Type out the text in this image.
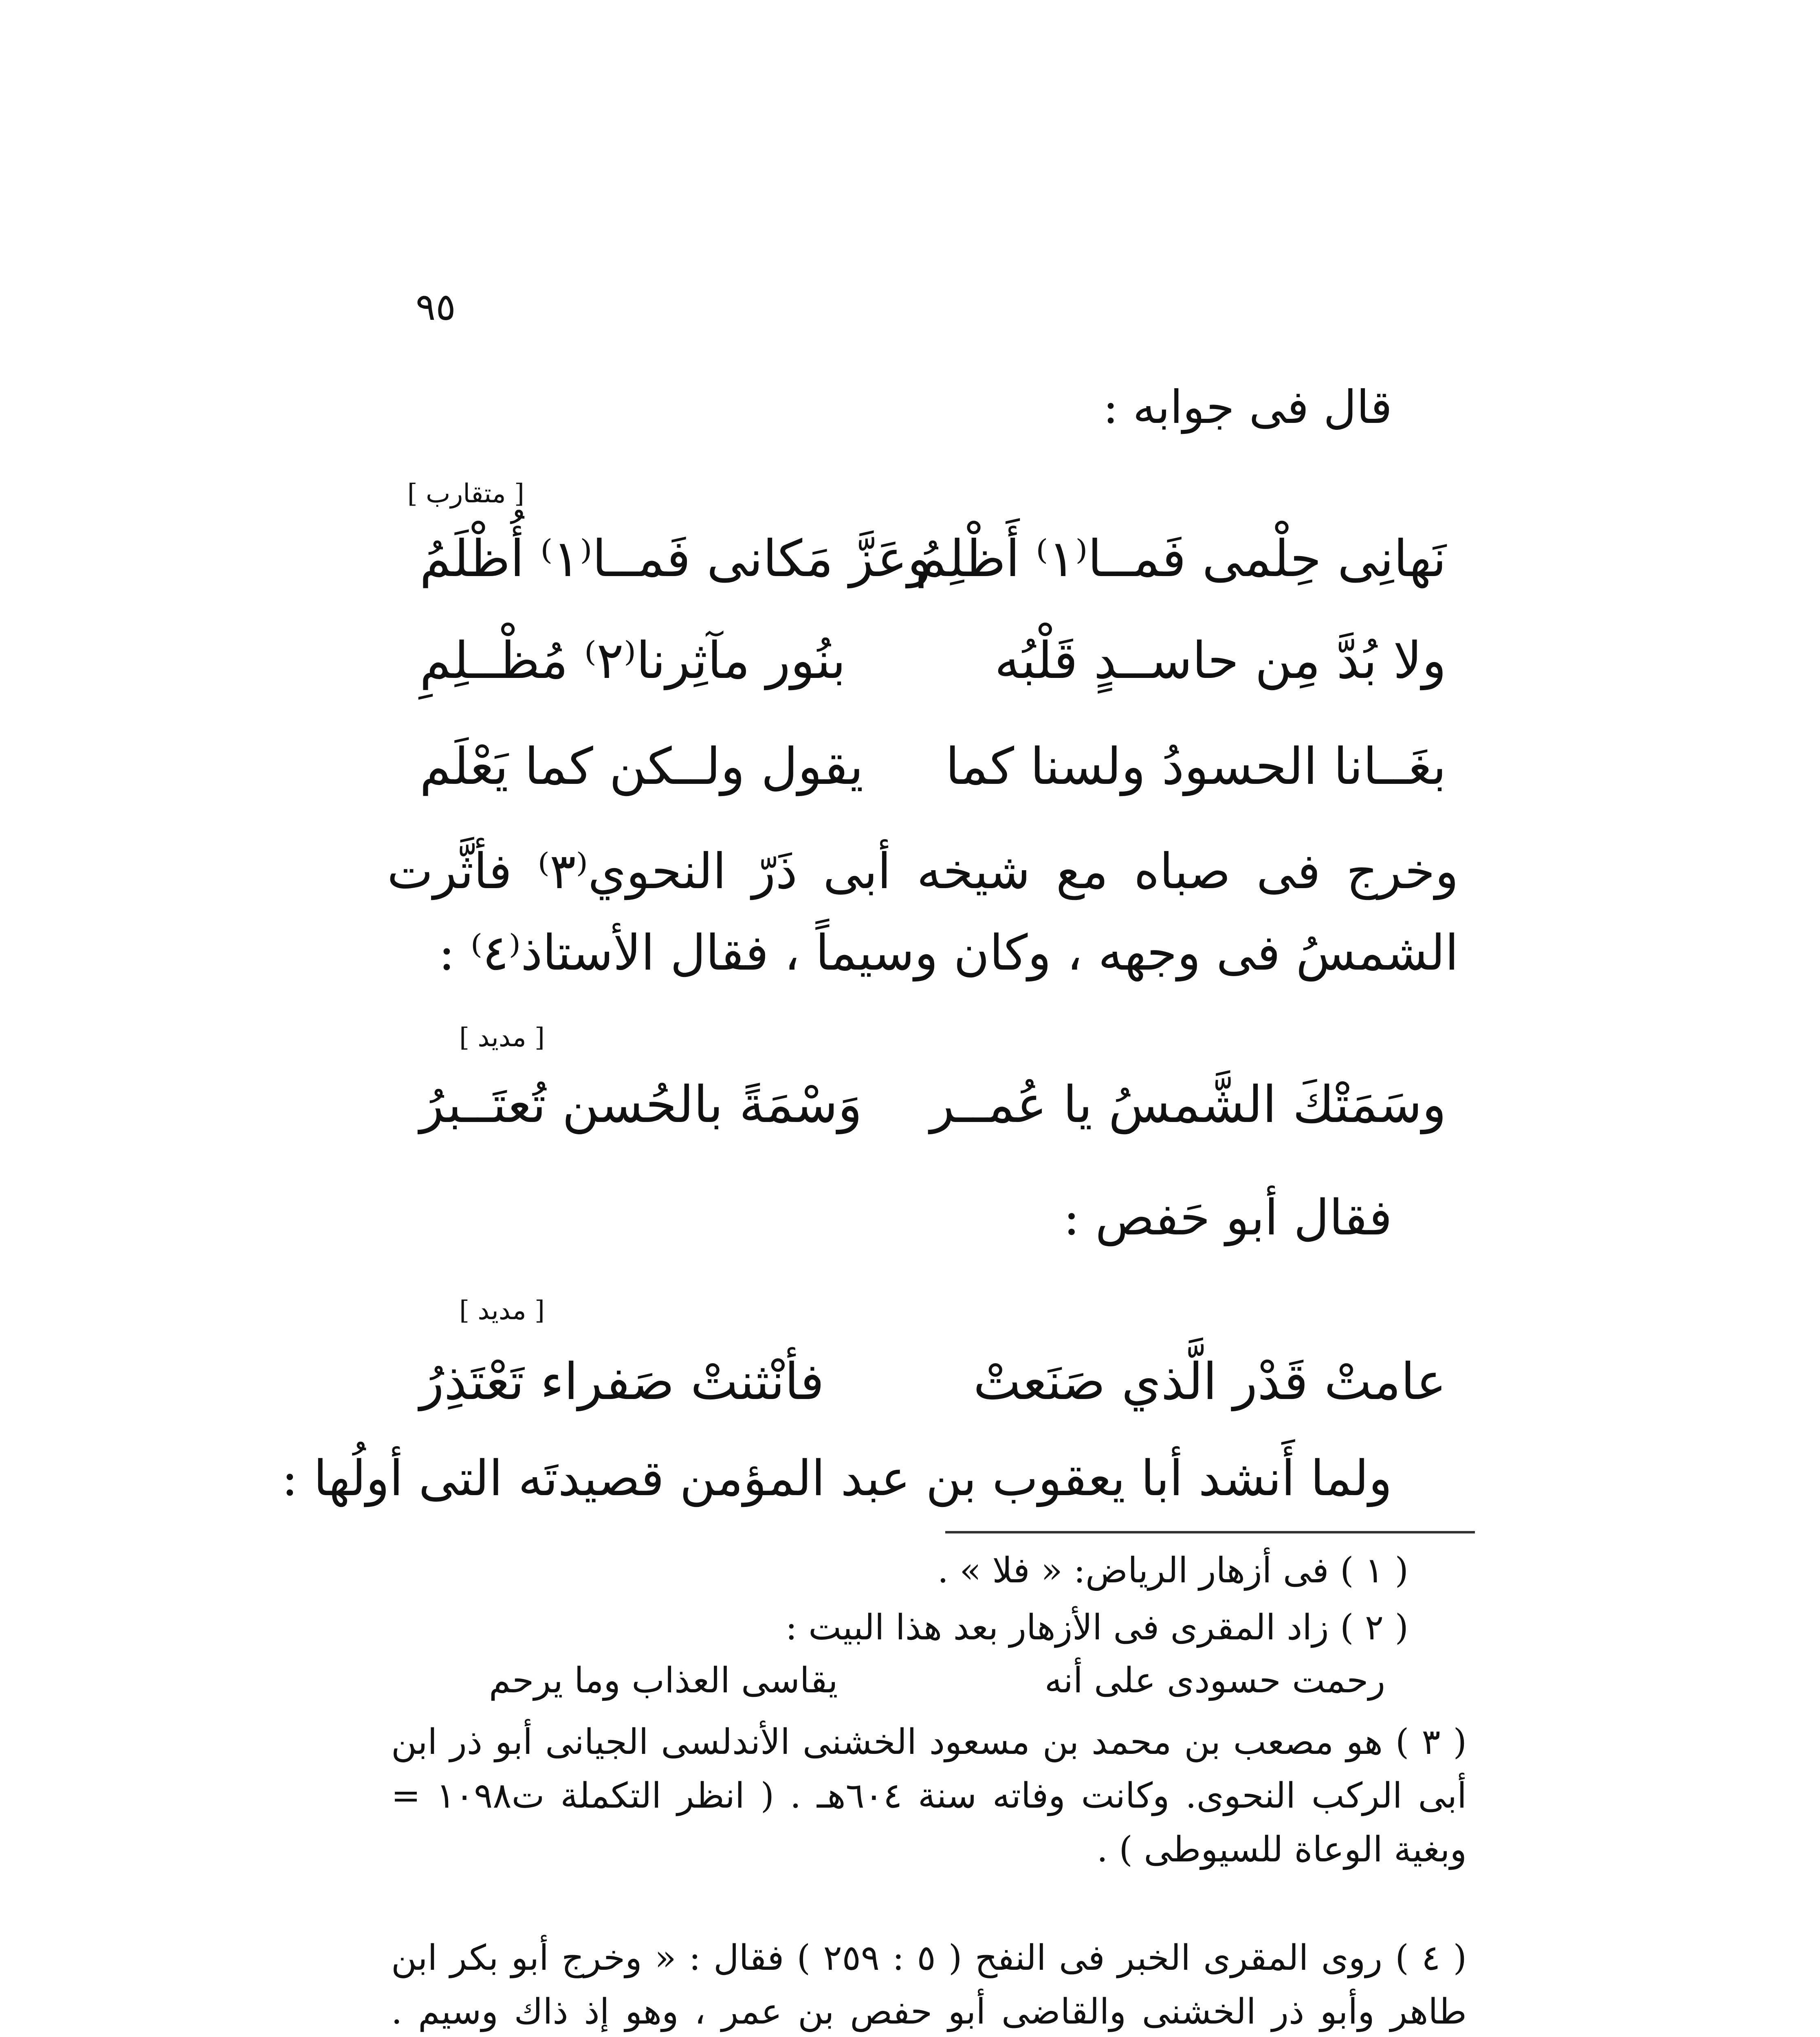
٩٥
قال فى جوابه :
[ متقارب ]
نَهانِى حِلْمى فَمــا⁽١⁾ أَظْلِمُ
وعَزَّ مَكانى فَمــا⁽١⁾ أُظْلَمُ
ولا بُدَّ مِن حاســدٍ قَلْبُه
بنُور مآثِرنا⁽٢⁾ مُظْــلِمِ
بغَــانا الحسودُ ولسنا كما
يقول ولــكن كما يَعْلَم
وخرج فى صباه مع شيخه أبى ذَرّ النحوي⁽٣⁾ فأثَّرت الشمسُ فى وجهه ، وكان وسيماً ، فقال الأستاذ⁽٤⁾ :
[ مديد ]
وسَمَتْكَ الشَّمسُ يا عُمــر
وَسْمَةً بالحُسن تُعتَــبرُ
فقال أبو حَفص :
[ مديد ]
عامتْ قَدْر الَّذي صَنَعتْ
فأنْثنتْ صَفراء تَعْتَذِرُ
ولما أَنشد أبا يعقوب بن عبد المؤمن قصيدتَه التى أولُها :
( ١ ) فى أزهار الرياض: « فلا » .
( ٢ ) زاد المقرى فى الأزهار بعد هذا البيت :
رحمت حسودى على أنه
يقاسى العذاب وما يرحم
( ٣ ) هو مصعب بن محمد بن مسعود الخشنى الأندلسى الجيانى أبو ذر ابن أبى الركب النحوى. وكانت وفاته سنة ٦٠٤هـ . ( انظر التكملة ت١٠٩٨ = وبغية الوعاة للسيوطى ) .
( ٤ ) روى المقرى الخبر فى النفح ( ٥ : ٢٥٩ ) فقال : « وخرج أبو بكر ابن طاهر وأبو ذر الخشنى والقاضى أبو حفص بن عمر ، وهو إذ ذاك وسيم .
